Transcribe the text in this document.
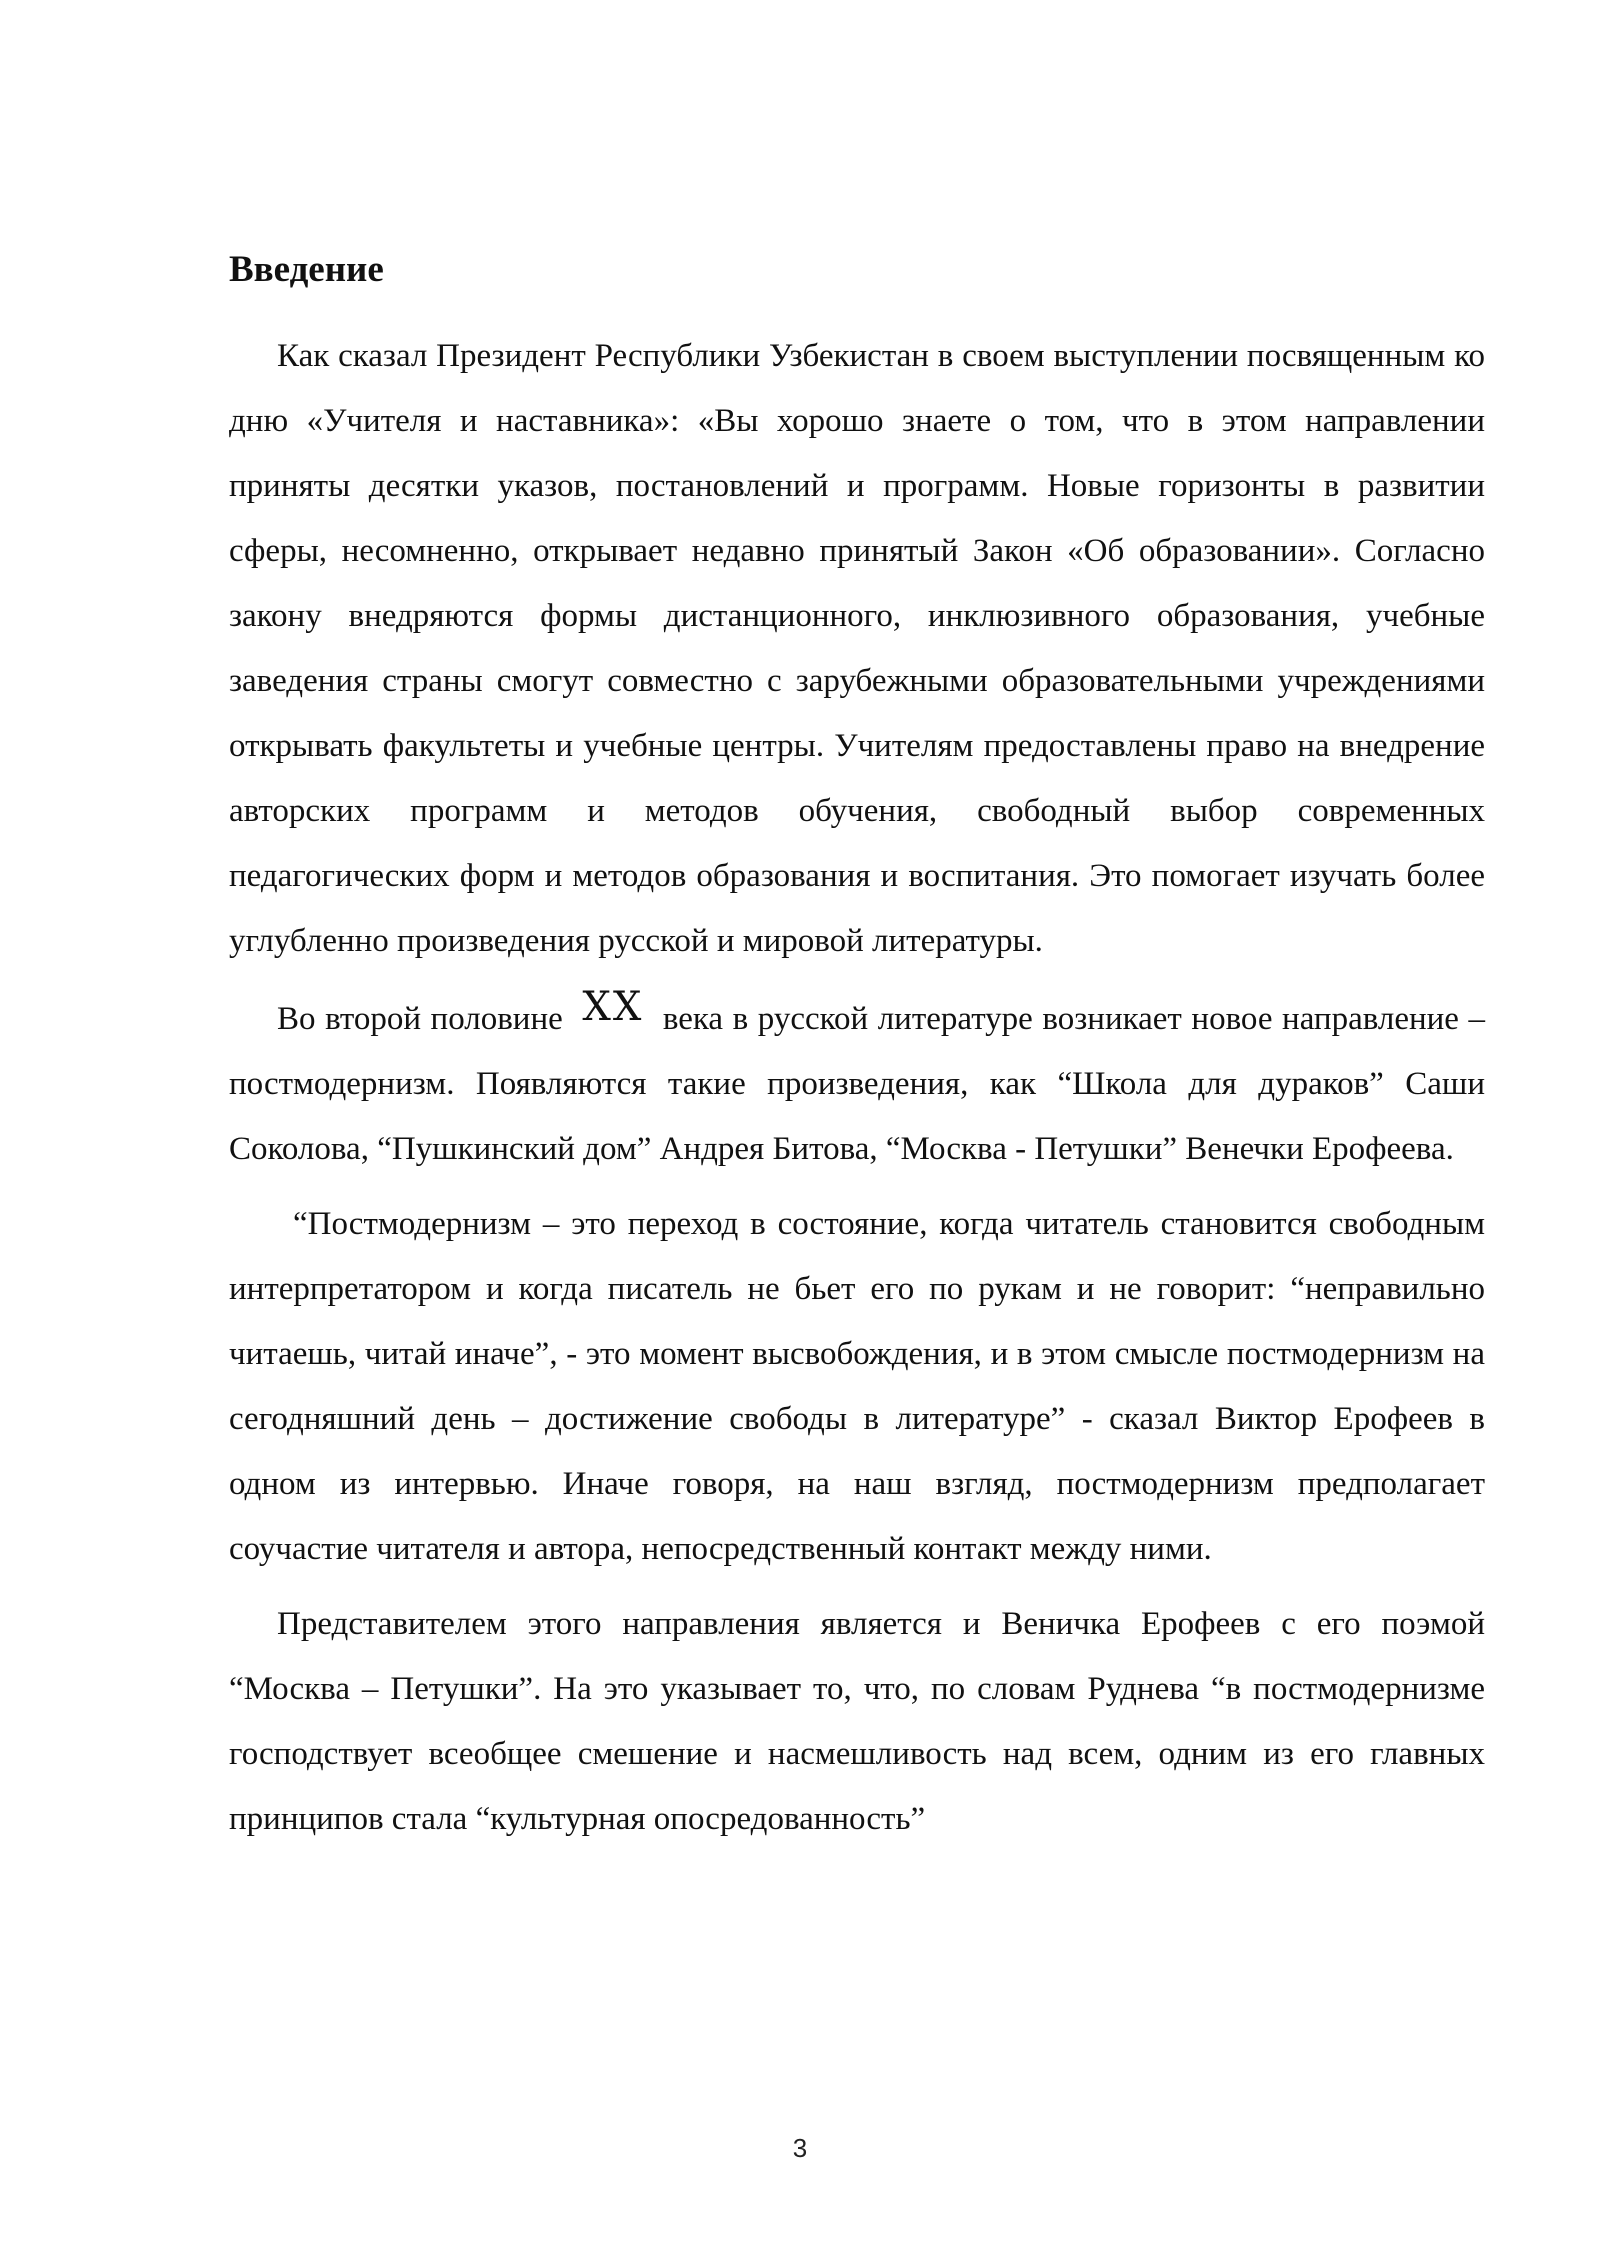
Введение

Как сказал Президент Республики Узбекистан в своем выступлении посвященным ко дню «Учителя и наставника»: «Вы хорошо знаете о том, что в этом направлении приняты десятки указов, постановлений и программ. Новые горизонты в развитии сферы, несомненно, открывает недавно принятый Закон «Об образовании». Согласно закону внедряются формы дистанционного, инклюзивного образования, учебные заведения страны смогут совместно с зарубежными образовательными учреждениями открывать факультеты и учебные центры. Учителям предоставлены право на внедрение авторских программ и методов обучения, свободный выбор современных педагогических форм и методов образования и воспитания. Это помогает изучать более углубленно произведения русской и мировой литературы.

Во второй половине XX века в русской литературе возникает новое направление – постмодернизм. Появляются такие произведения, как “Школа для дураков” Саши Соколова, “Пушкинский дом” Андрея Битова, “Москва - Петушки” Венечки Ерофеева.

“Постмодернизм – это переход в состояние, когда читатель становится свободным интерпретатором и когда писатель не бьет его по рукам и не говорит: “неправильно читаешь, читай иначе”, - это момент высвобождения, и в этом смысле постмодернизм на сегодняшний день – достижение свободы в литературе” - сказал Виктор Ерофеев в одном из интервью. Иначе говоря, на наш взгляд, постмодернизм предполагает соучастие читателя и автора, непосредственный контакт между ними.

Представителем этого направления является и Веничка Ерофеев с его поэмой “Москва – Петушки”. На это указывает то, что, по словам Руднева “в постмодернизме господствует всеобщее смешение и насмешливость над всем, одним из его главных принципов стала “культурная опосредованность”

3
